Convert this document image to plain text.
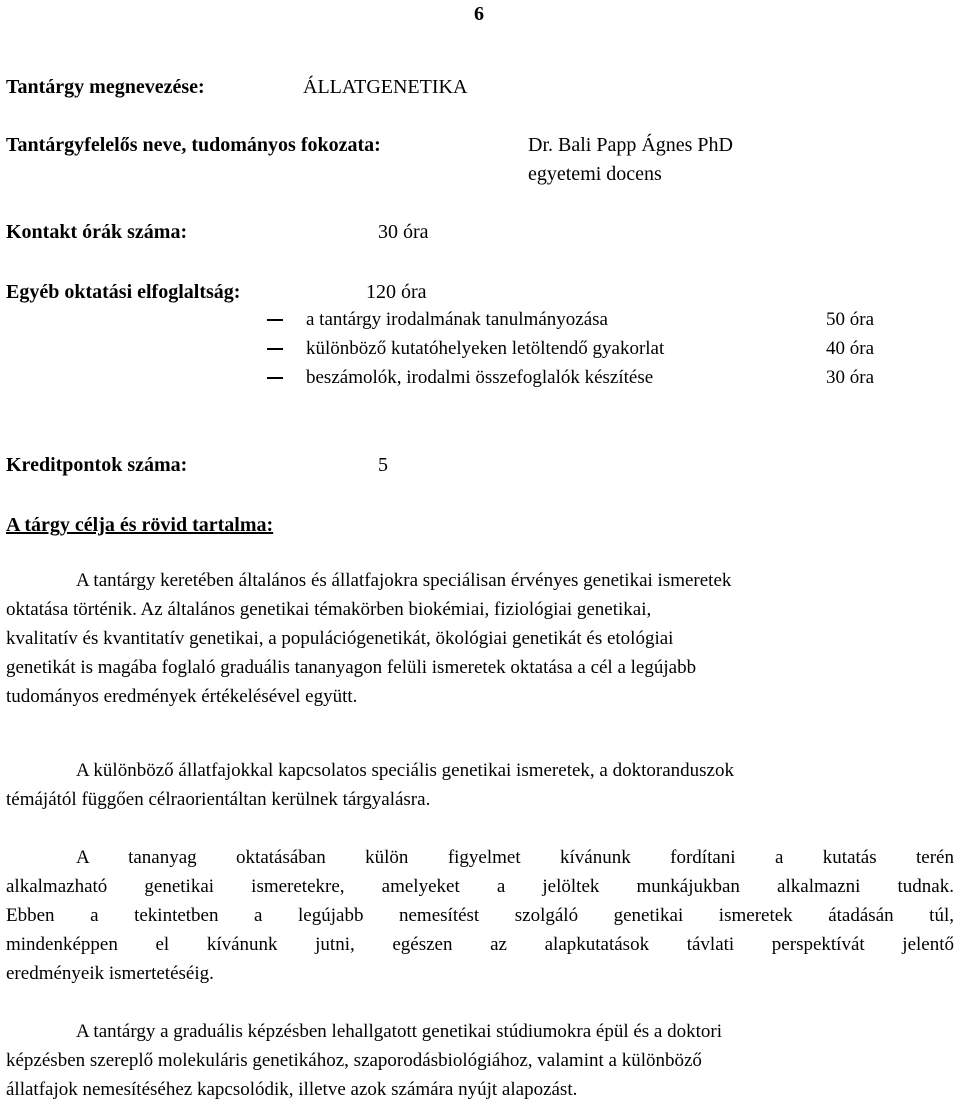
6
Tantárgy megnevezése:	ÁLLATGENETIKA
Tantárgyfelelős neve, tudományos fokozata:	Dr. Bali Papp Ágnes PhD
egyetemi docens
Kontakt órák száma:	30 óra
Egyéb oktatási elfoglaltság:	120 óra
a tantárgy irodalmának tanulmányozása	50 óra
különböző kutatóhelyeken letöltendő gyakorlat	40 óra
beszámolók, irodalmi összefoglalók készítése	30 óra
Kreditpontok száma:	5
A tárgy célja és rövid tartalma:
A tantárgy keretében általános és állatfajokra speciálisan érvényes genetikai ismeretek
oktatása történik. Az általános genetikai témakörben biokémiai, fiziológiai genetikai,
kvalitatív és kvantitatív genetikai, a populációgenetikát, ökológiai genetikát és etológiai
genetikát is magába foglaló graduális tananyagon felüli ismeretek oktatása a cél a legújabb
tudományos eredmények értékelésével együtt.
A különböző állatfajokkal kapcsolatos speciális genetikai ismeretek, a doktoranduszok
témájától függően célraorientáltan kerülnek tárgyalásra.
A tananyag oktatásában külön figyelmet kívánunk fordítani a kutatás terén
alkalmazható genetikai ismeretekre, amelyeket a jelöltek munkájukban alkalmazni tudnak.
Ebben a tekintetben a legújabb nemesítést szolgáló genetikai ismeretek átadásán túl,
mindenképpen el kívánunk jutni, egészen az alapkutatások távlati perspektívát jelentő
eredményeik ismertetéséig.
A tantárgy a graduális képzésben lehallgatott genetikai stúdiumokra épül és a doktori
képzésben szereplő molekuláris genetikához, szaporodásbiológiához, valamint a különböző
állatfajok nemesítéséhez kapcsolódik, illetve azok számára nyújt alapozást.
